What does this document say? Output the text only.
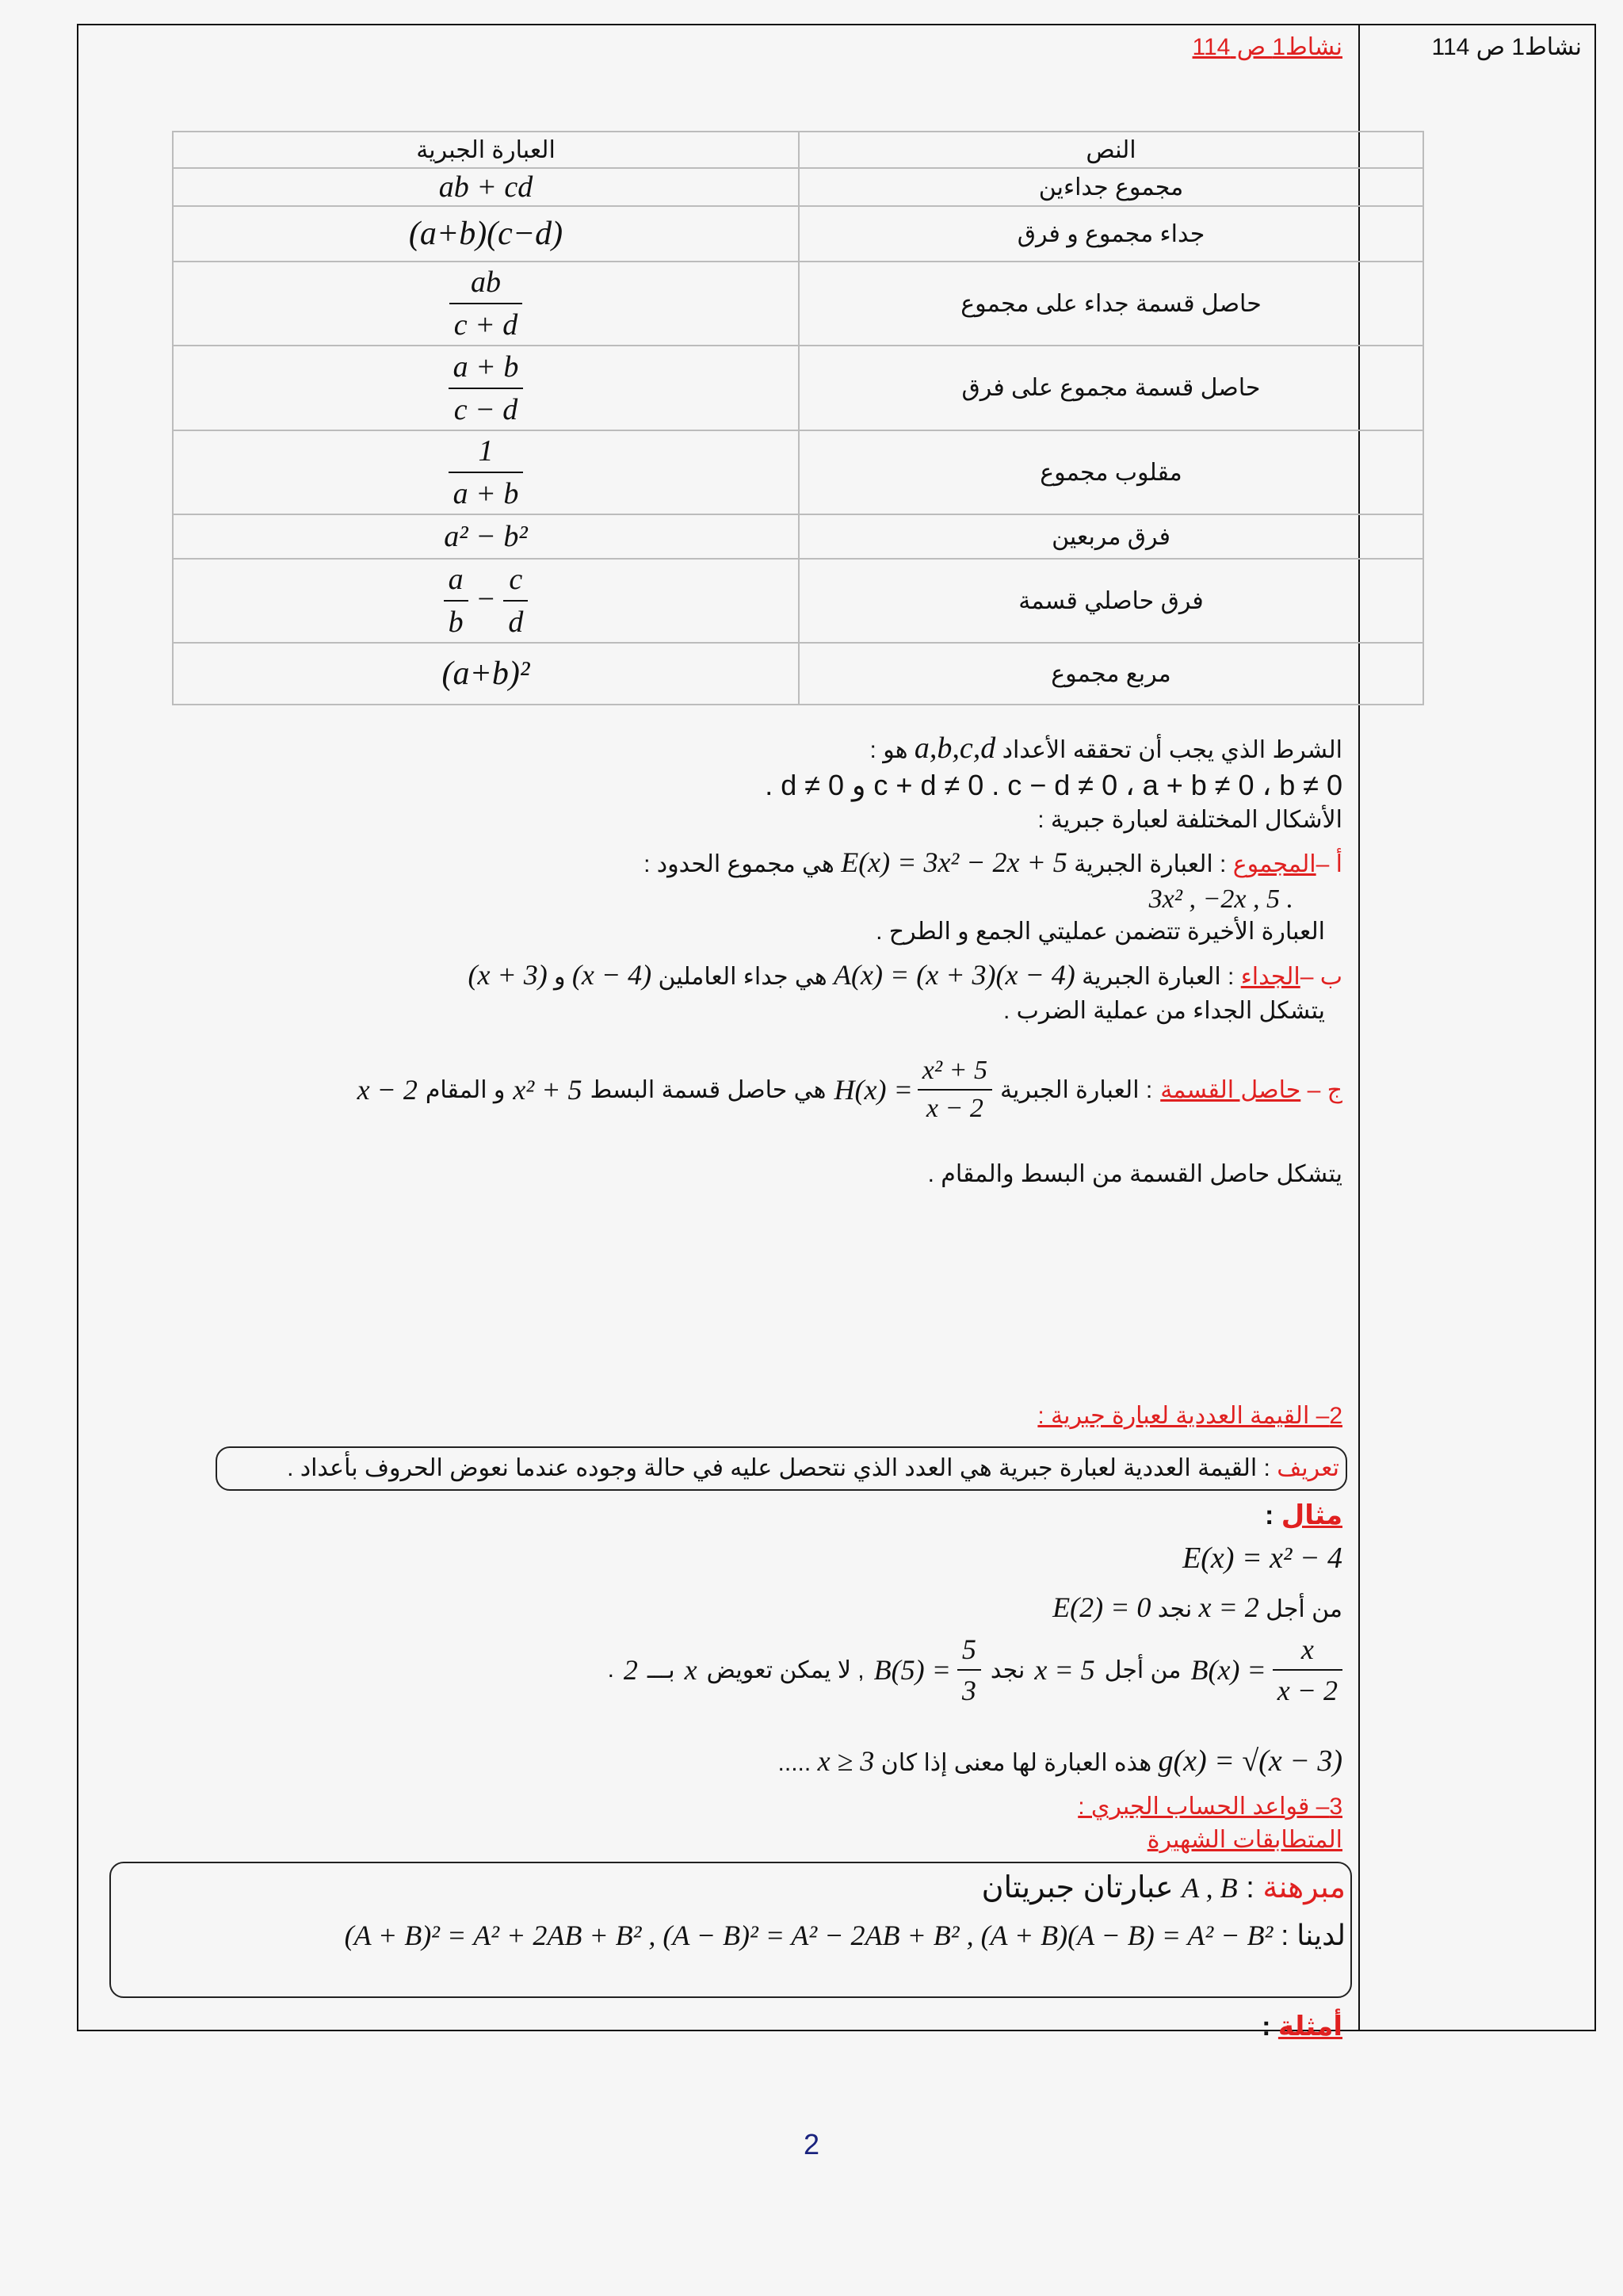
نشاط1 ص 114
نشاط1 ص 114
العبارة الجبرية	النص
ab + cd	مجموع جداءين
(a+b)(c−d)	جداء مجموع و فرق

$\frac{ab}{c + d}$	حاصل قسمة جداء على مجموع

$\frac{a + b}{c - d}$	حاصل قسمة مجموع على فرق

$\frac{1}{a + b}$	مقلوب مجموع
a² − b²	فرق مربعين

$\frac{a}{b} - \frac{c}{d}$	فرق حاصلي قسمة
(a+b)²	مربع مجموع
الشرط الذي يجب أن تحققه الأعداد a,b,c,d هو :
c + d ≠ 0 . c − d ≠ 0 ، a + b ≠ 0 ، b ≠ 0 و d ≠ 0 .
الأشكال المختلفة لعبارة جبرية :
أ –المجموع : العبارة الجبرية E(x) = 3x² − 2x + 5 هي مجموع الحدود :
3x² , −2x , 5 .
العبارة الأخيرة تتضمن عمليتي الجمع و الطرح .
ب –الجداء : العبارة الجبرية A(x) = (x + 3)(x − 4) هي جداء العاملين (x − 4) و (x + 3)
يتشكل الجداء من عملية الضرب .
ج – حاصل القسمة
: العبارة الجبرية
$H(x) = \frac{\text{x² + 5}}{x - 2}$
هي حاصل قسمة البسط
x² + 5
و المقام
x − 2
يتشكل حاصل القسمة من البسط والمقام .
2– القيمة العددية لعبارة جبرية :
تعريف : القيمة العددية لعبارة جبرية هي العدد الذي نتحصل عليه في حالة وجوده عندما نعوض الحروف بأعداد .
مثال :
E(x) = x² − 4
من أجل x = 2 نجد E(2) = 0
$B(x) = \frac{x}{x - 2}$
من أجل
x = 5
نجد
$B(5) = \frac{5}{3}$
, لا يمكن تعويض
x
بـــ
2
.
g(x) = √(x − 3) هذه العبارة لها معنى إذا كان x ≥ 3 .....
3– قواعد الحساب الجبري :
المتطابقات الشهيرة
مبرهنة : A , B عبارتان جبريتان
لدينا : (A + B)² = A² + 2AB + B² , (A − B)² = A² − 2AB + B² , (A + B)(A − B) = A² − B²
أمثلة :
2
